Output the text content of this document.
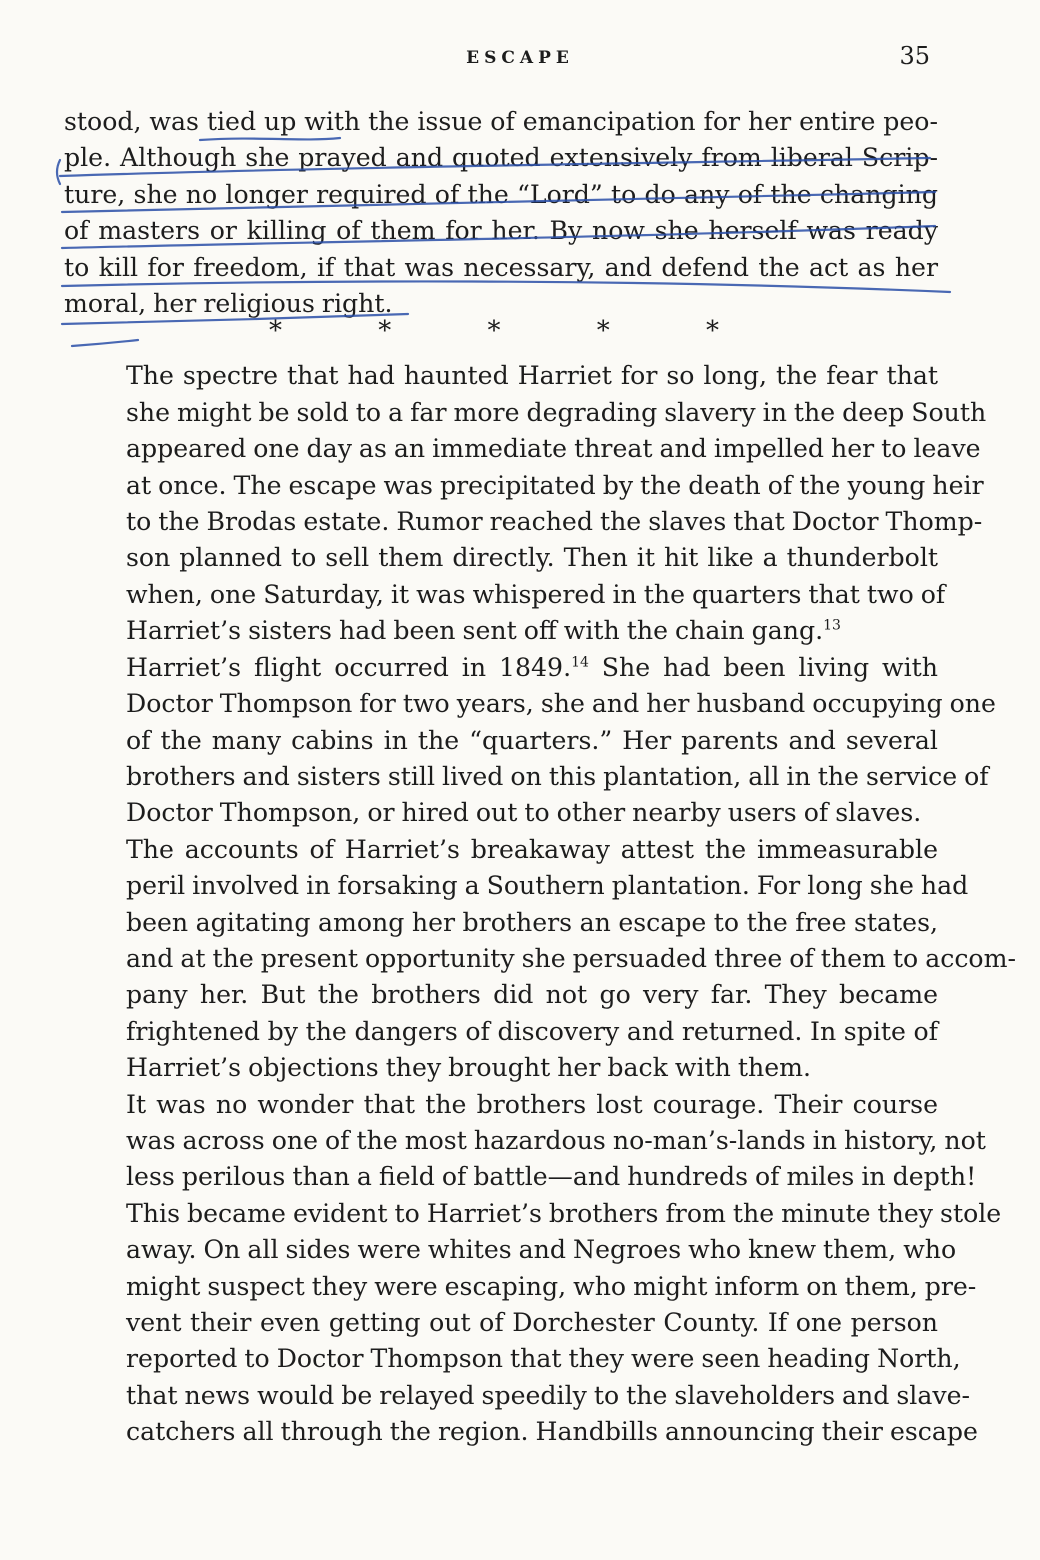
ESCAPE	35

stood, was tied up with the issue of emancipation for her entire peo-
ple. Although she prayed and quoted extensively from liberal Scrip-
ture, she no longer required of the “Lord” to do any of the changing
of masters or killing of them for her. By now she herself was ready
to kill for freedom, if that was necessary, and defend the act as her
moral, her religious right.

*	*	*	*	*

The spectre that had haunted Harriet for so long, the fear that
she might be sold to a far more degrading slavery in the deep South
appeared one day as an immediate threat and impelled her to leave
at once. The escape was precipitated by the death of the young heir
to the Brodas estate. Rumor reached the slaves that Doctor Thomp-
son planned to sell them directly. Then it hit like a thunderbolt
when, one Saturday, it was whispered in the quarters that two of
Harriet’s sisters had been sent off with the chain gang.$^{13}$

Harriet’s flight occurred in 1849.14 She had been living with
Doctor Thompson for two years, she and her husband occupying one
of the many cabins in the “quarters.” Her parents and several
brothers and sisters still lived on this plantation, all in the service of
Doctor Thompson, or hired out to other nearby users of slaves.

The accounts of Harriet’s breakaway attest the immeasurable
peril involved in forsaking a Southern plantation. For long she had
been agitating among her brothers an escape to the free states,
and at the present opportunity she persuaded three of them to accom-
pany her. But the brothers did not go very far. They became
frightened by the dangers of discovery and returned. In spite of
Harriet’s objections they brought her back with them.

It was no wonder that the brothers lost courage. Their course
was across one of the most hazardous no-man’s-lands in history, not
less perilous than a field of battle—and hundreds of miles in depth!
This became evident to Harriet’s brothers from the minute they stole
away. On all sides were whites and Negroes who knew them, who
might suspect they were escaping, who might inform on them, pre-
vent their even getting out of Dorchester County. If one person
reported to Doctor Thompson that they were seen heading North,
that news would be relayed speedily to the slaveholders and slave-
catchers all through the region. Handbills announcing their escape
